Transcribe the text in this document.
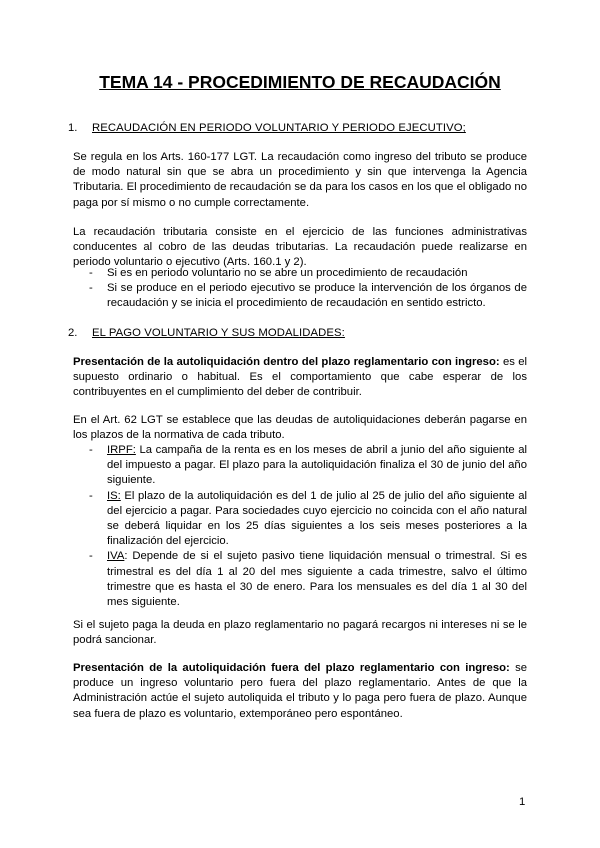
TEMA 14 - PROCEDIMIENTO DE RECAUDACIÓN
1. RECAUDACIÓN EN PERIODO VOLUNTARIO Y PERIODO EJECUTIVO;

Se regula en los Arts. 160-177 LGT. La recaudación como ingreso del tributo se produce de modo natural sin que se abra un procedimiento y sin que intervenga la Agencia Tributaria. El procedimiento de recaudación se da para los casos en los que el obligado no paga por sí mismo o no cumple correctamente.

La recaudación tributaria consiste en el ejercicio de las funciones administrativas conducentes al cobro de las deudas tributarias. La recaudación puede realizarse en periodo voluntario o ejecutivo (Arts. 160.1 y 2).

- Si es en periodo voluntario no se abre un procedimiento de recaudación
- Si se produce en el periodo ejecutivo se produce la intervención de los órganos de recaudación y se inicia el procedimiento de recaudación en sentido estricto.
2. EL PAGO VOLUNTARIO Y SUS MODALIDADES:

Presentación de la autoliquidación dentro del plazo reglamentario con ingreso: es el supuesto ordinario o habitual. Es el comportamiento que cabe esperar de los contribuyentes en el cumplimiento del deber de contribuir.

En el Art. 62 LGT se establece que las deudas de autoliquidaciones deberán pagarse en los plazos de la normativa de cada tributo.

- IRPF: La campaña de la renta es en los meses de abril a junio del año siguiente al del impuesto a pagar. El plazo para la autoliquidación finaliza el 30 de junio del año siguiente.
- IS: El plazo de la autoliquidación es del 1 de julio al 25 de julio del año siguiente al del ejercicio a pagar. Para sociedades cuyo ejercicio no coincida con el año natural se deberá liquidar en los 25 días siguientes a los seis meses posteriores a la finalización del ejercicio.
- IVA: Depende de si el sujeto pasivo tiene liquidación mensual o trimestral. Si es trimestral es del día 1 al 20 del mes siguiente a cada trimestre, salvo el último trimestre que es hasta el 30 de enero. Para los mensuales es del día 1 al 30 del mes siguiente.

Si el sujeto paga la deuda en plazo reglamentario no pagará recargos ni intereses ni se le podrá sancionar.

Presentación de la autoliquidación fuera del plazo reglamentario con ingreso: se produce un ingreso voluntario pero fuera del plazo reglamentario. Antes de que la Administración actúe el sujeto autoliquida el tributo y lo paga pero fuera de plazo. Aunque sea fuera de plazo es voluntario, extemporáneo pero espontáneo.

1
